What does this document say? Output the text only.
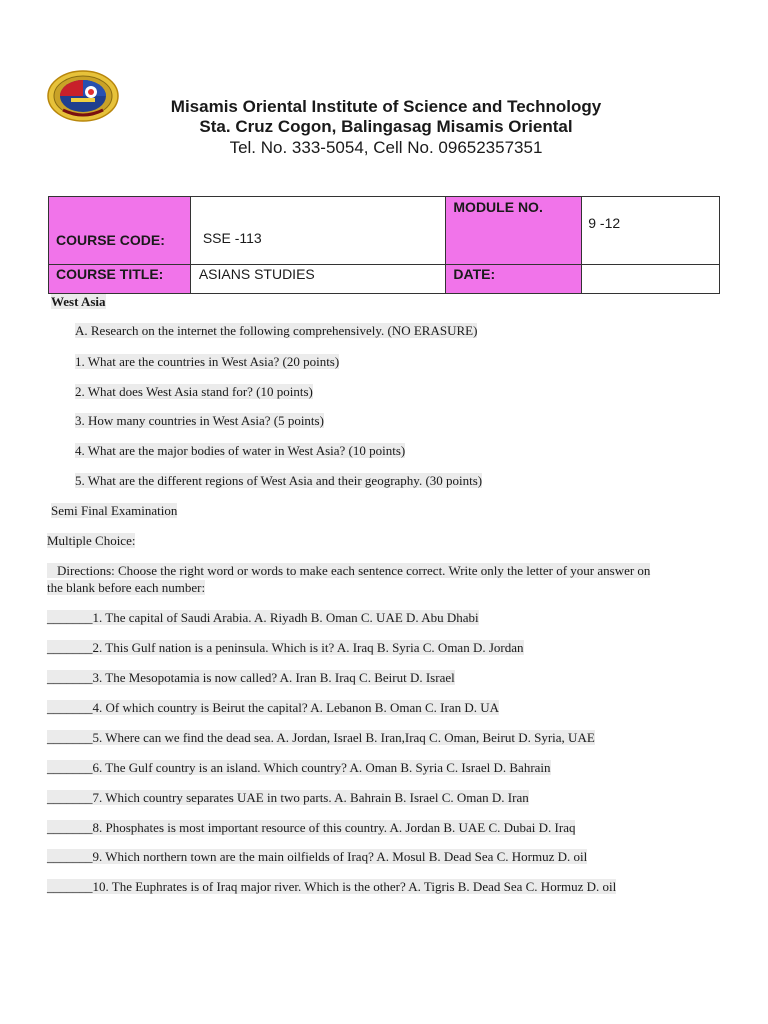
Misamis Oriental Institute of Science and Technology
Sta. Cruz Cogon, Balingasag Misamis Oriental
Tel. No. 333-5054, Cell No. 09652357351
COURSE CODE:	SSE -113	MODULE NO.	9 -12
COURSE TITLE:	ASIANS STUDIES	DATE:	
West Asia
A. Research on the internet the following comprehensively. (NO ERASURE)
1. What are the countries in West Asia? (20 points)
2. What does West Asia stand for? (10 points)
3. How many countries in West Asia? (5 points)
4. What are the major bodies of water in West Asia? (10 points)
5. What are the different regions of West Asia and their geography. (30 points)
Semi Final Examination
Multiple Choice:
Directions: Choose the right word or words to make each sentence correct. Write only the letter of your answer on
the blank before each number:
_______1. The capital of Saudi Arabia. A. Riyadh B. Oman C. UAE D. Abu Dhabi
_______2. This Gulf nation is a peninsula. Which is it? A. Iraq B. Syria C. Oman D. Jordan
_______3. The Mesopotamia is now called? A. Iran B. Iraq C. Beirut D. Israel
_______4. Of which country is Beirut the capital? A. Lebanon B. Oman C. Iran D. UA
_______5. Where can we find the dead sea. A. Jordan, Israel B. Iran,Iraq C. Oman, Beirut D. Syria, UAE
_______6. The Gulf country is an island. Which country? A. Oman B. Syria C. Israel D. Bahrain
_______7. Which country separates UAE in two parts. A. Bahrain B. Israel C. Oman D. Iran
_______8. Phosphates is most important resource of this country. A. Jordan B. UAE C. Dubai D. Iraq
_______9. Which northern town are the main oilfields of Iraq? A. Mosul B. Dead Sea C. Hormuz D. oil
_______10. The Euphrates is of Iraq major river. Which is the other? A. Tigris B. Dead Sea C. Hormuz D. oil
